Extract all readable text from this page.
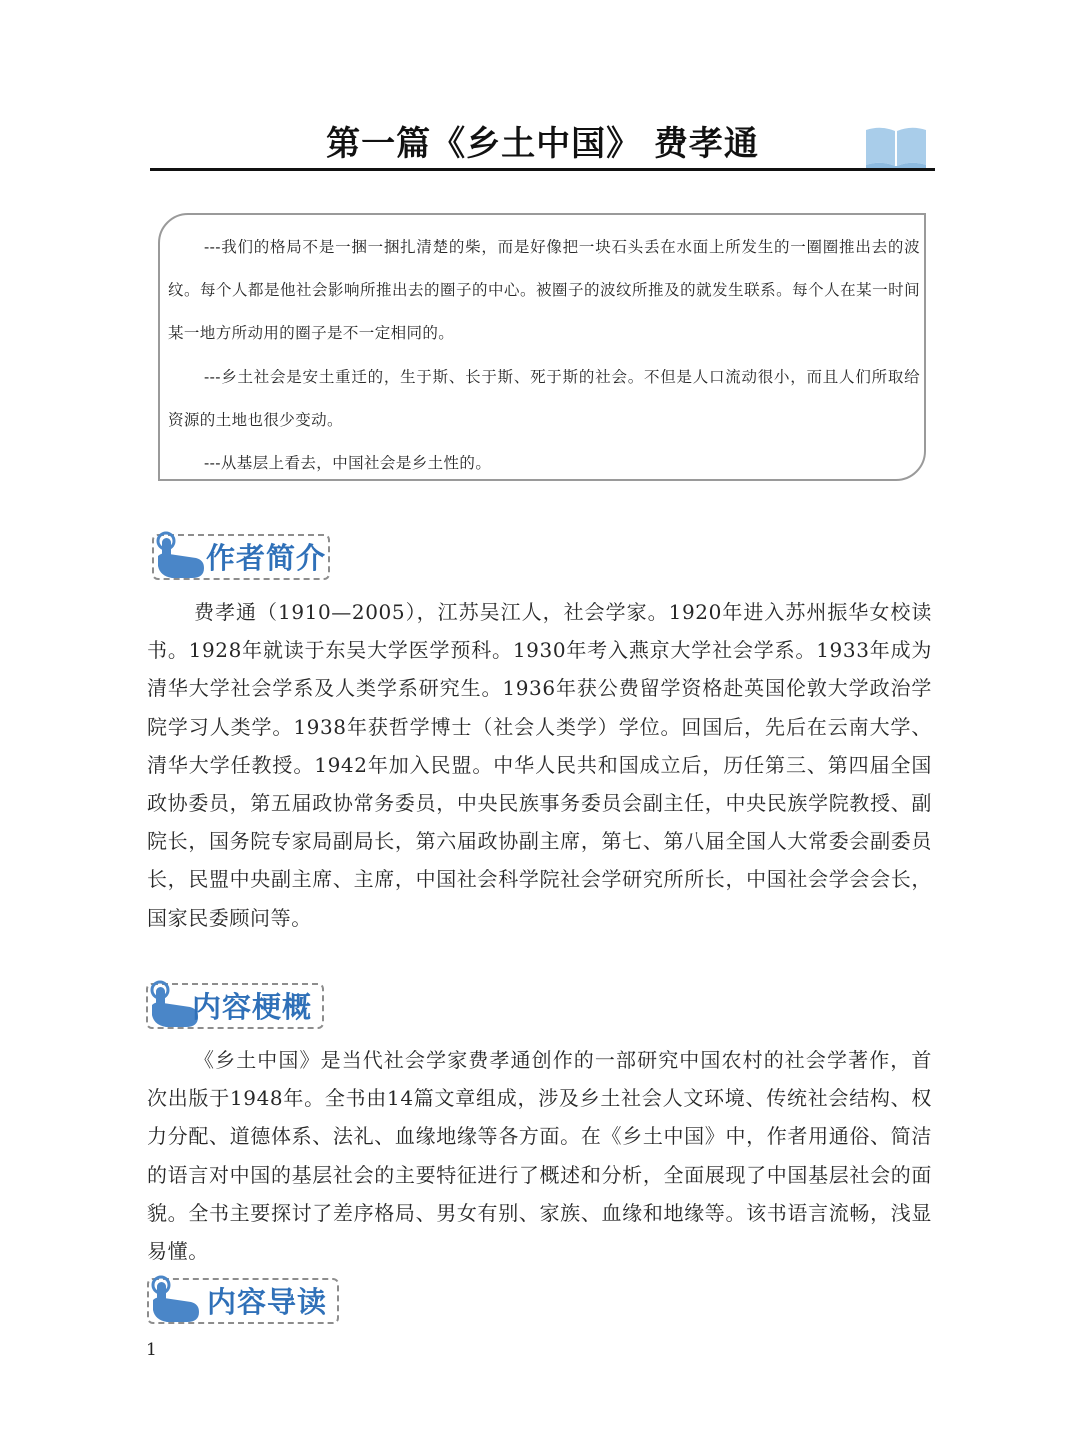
第一篇《乡土中国》 费孝通

---我们的格局不是一捆一捆扎清楚的柴，而是好像把一块石头丢在水面上所发生的一圈圈推出去的波纹。每个人都是他社会影响所推出去的圈子的中心。被圈子的波纹所推及的就发生联系。每个人在某一时间某一地方所动用的圈子是不一定相同的。

---乡土社会是安土重迁的，生于斯、长于斯、死于斯的社会。不但是人口流动很小，而且人们所取给资源的土地也很少变动。

---从基层上看去，中国社会是乡土性的。

作者简介

费孝通（1910—2005），江苏吴江人，社会学家。1920年进入苏州振华女校读书。1928年就读于东吴大学医学预科。1930年考入燕京大学社会学系。1933年成为清华大学社会学系及人类学系研究生。1936年获公费留学资格赴英国伦敦大学政治学院学习人类学。1938年获哲学博士（社会人类学）学位。回国后，先后在云南大学、清华大学任教授。1942年加入民盟。中华人民共和国成立后，历任第三、第四届全国政协委员，第五届政协常务委员，中央民族事务委员会副主任，中央民族学院教授、副院长，国务院专家局副局长，第六届政协副主席，第七、第八届全国人大常委会副委员长，民盟中央副主席、主席，中国社会科学院社会学研究所所长，中国社会学会会长，国家民委顾问等。

内容梗概

《乡土中国》是当代社会学家费孝通创作的一部研究中国农村的社会学著作，首次出版于1948年。全书由14篇文章组成，涉及乡土社会人文环境、传统社会结构、权力分配、道德体系、法礼、血缘地缘等各方面。在《乡土中国》中，作者用通俗、简洁的语言对中国的基层社会的主要特征进行了概述和分析，全面展现了中国基层社会的面貌。全书主要探讨了差序格局、男女有别、家族、血缘和地缘等。该书语言流畅，浅显易懂。

内容导读
1
